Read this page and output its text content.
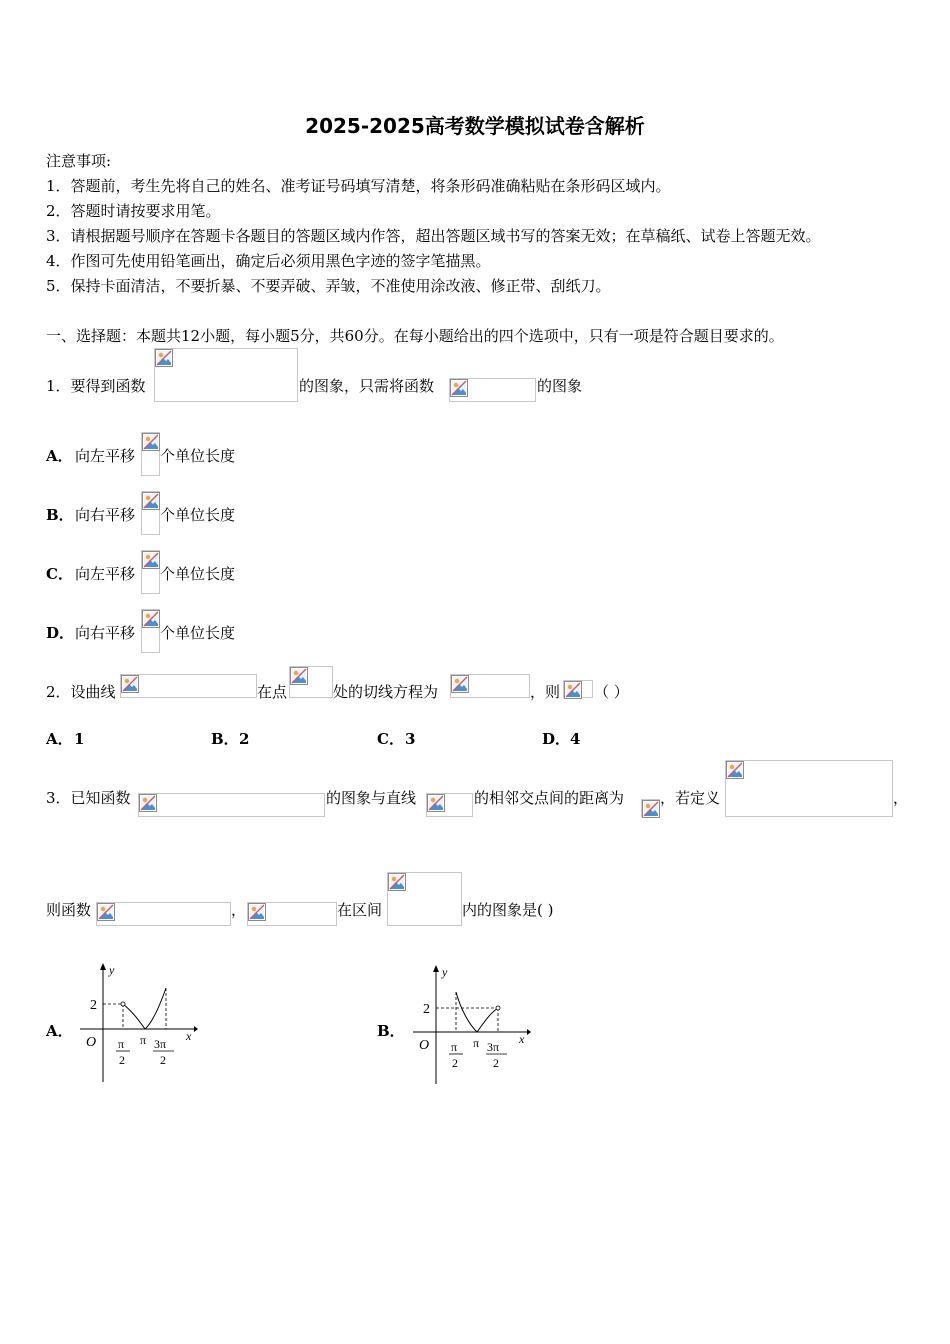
2025-2025高考数学模拟试卷含解析
注意事项:
1．答题前，考生先将自己的姓名、准考证号码填写清楚，将条形码准确粘贴在条形码区域内。
2．答题时请按要求用笔。
3．请根据题号顺序在答题卡各题目的答题区域内作答，超出答题区域书写的答案无效；在草稿纸、试卷上答题无效。
4．作图可先使用铅笔画出，确定后必须用黑色字迹的签字笔描黑。
5．保持卡面清洁，不要折暴、不要弄破、弄皱，不准使用涂改液、修正带、刮纸刀。
一、选择题：本题共12小题，每小题5分，共60分。在每小题给出的四个选项中，只有一项是符合题目要求的。
1．要得到函数	的图象，只需将函数	的图象
A． 向左平移 个单位长度
B． 向右平移 个单位长度
C． 向左平移 个单位长度
D． 向右平移 个单位长度
2．设曲线	在点	处的切线方程为	，则 （ ）
A． 1	B． 2	C． 3	D． 4
3．已知函数	的图象与直线	的相邻交点间的距离为 ，若定义	，
则函数	，	在区间	内的图象是( )
A．
y
x
O
2
π
2
π 3π
2
B．
y
x
O
2
π
2
π 3π
2
